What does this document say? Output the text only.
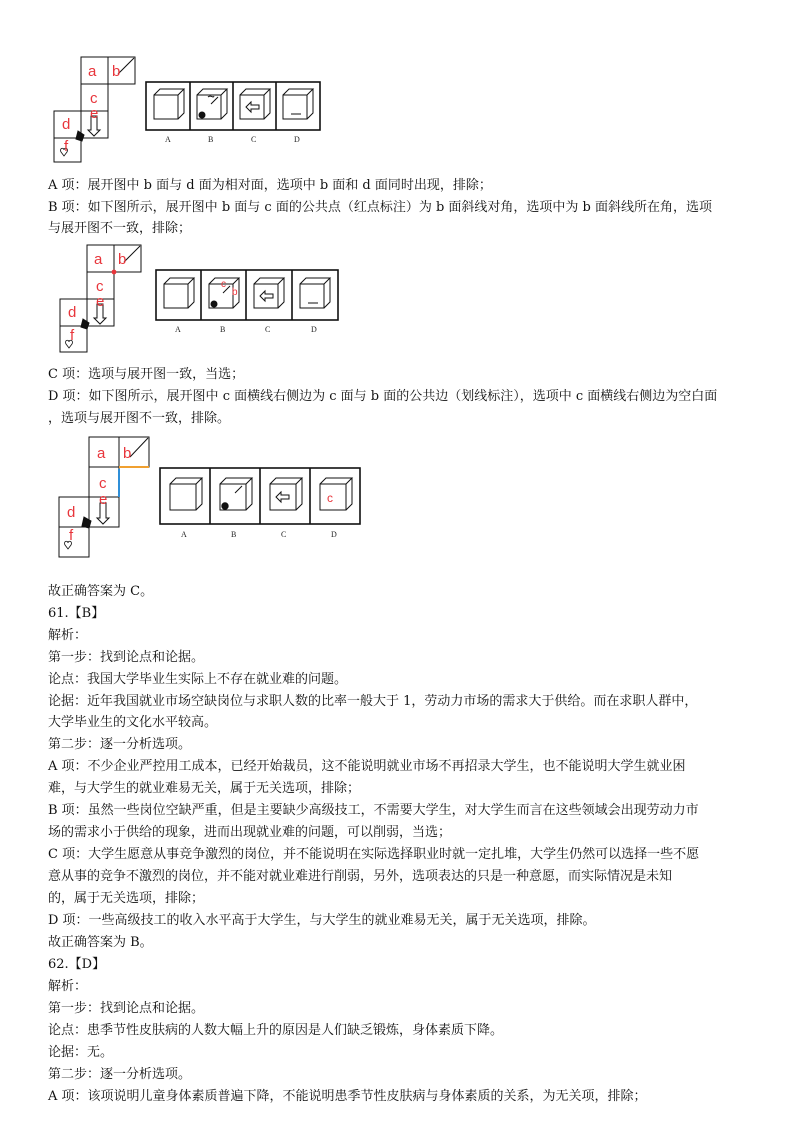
a b
c
e
d
f	A	B	C	D
A 项：展开图中 b 面与 d 面为相对面，选项中 b 面和 d 面同时出现，排除；
B 项：如下图所示，展开图中 b 面与 c 面的公共点（红点标注）为 b 面斜线对角，选项中为 b 面斜线所在角，选项
与展开图不一致，排除；
a b
c
e
d
f
c
b
A	B	C	D
C 项：选项与展开图一致，当选；
D 项：如下图所示，展开图中 c 面横线右侧边为 c 面与 b 面的公共边（划线标注），选项中 c 面横线右侧边为空白面
，选项与展开图不一致，排除。
a b
c
e
d
f
c
A	B	C	D
故正确答案为 C。
61.【B】
解析：
第一步：找到论点和论据。
论点：我国大学毕业生实际上不存在就业难的问题。
论据：近年我国就业市场空缺岗位与求职人数的比率一般大于 1，劳动力市场的需求大于供给。而在求职人群中，
大学毕业生的文化水平较高。
第二步：逐一分析选项。
A 项：不少企业严控用工成本，已经开始裁员，这不能说明就业市场不再招录大学生，也不能说明大学生就业困
难，与大学生的就业难易无关，属于无关选项，排除；
B 项：虽然一些岗位空缺严重，但是主要缺少高级技工，不需要大学生，对大学生而言在这些领域会出现劳动力市
场的需求小于供给的现象，进而出现就业难的问题，可以削弱，当选；
C 项：大学生愿意从事竞争激烈的岗位，并不能说明在实际选择职业时就一定扎堆，大学生仍然可以选择一些不愿
意从事的竞争不激烈的岗位，并不能对就业难进行削弱，另外，选项表达的只是一种意愿，而实际情况是未知
的，属于无关选项，排除；
D 项：一些高级技工的收入水平高于大学生，与大学生的就业难易无关，属于无关选项，排除。
故正确答案为 B。
62.【D】
解析：
第一步：找到论点和论据。
论点：患季节性皮肤病的人数大幅上升的原因是人们缺乏锻炼，身体素质下降。
论据：无。
第二步：逐一分析选项。
A 项：该项说明儿童身体素质普遍下降，不能说明患季节性皮肤病与身体素质的关系，为无关项，排除；
